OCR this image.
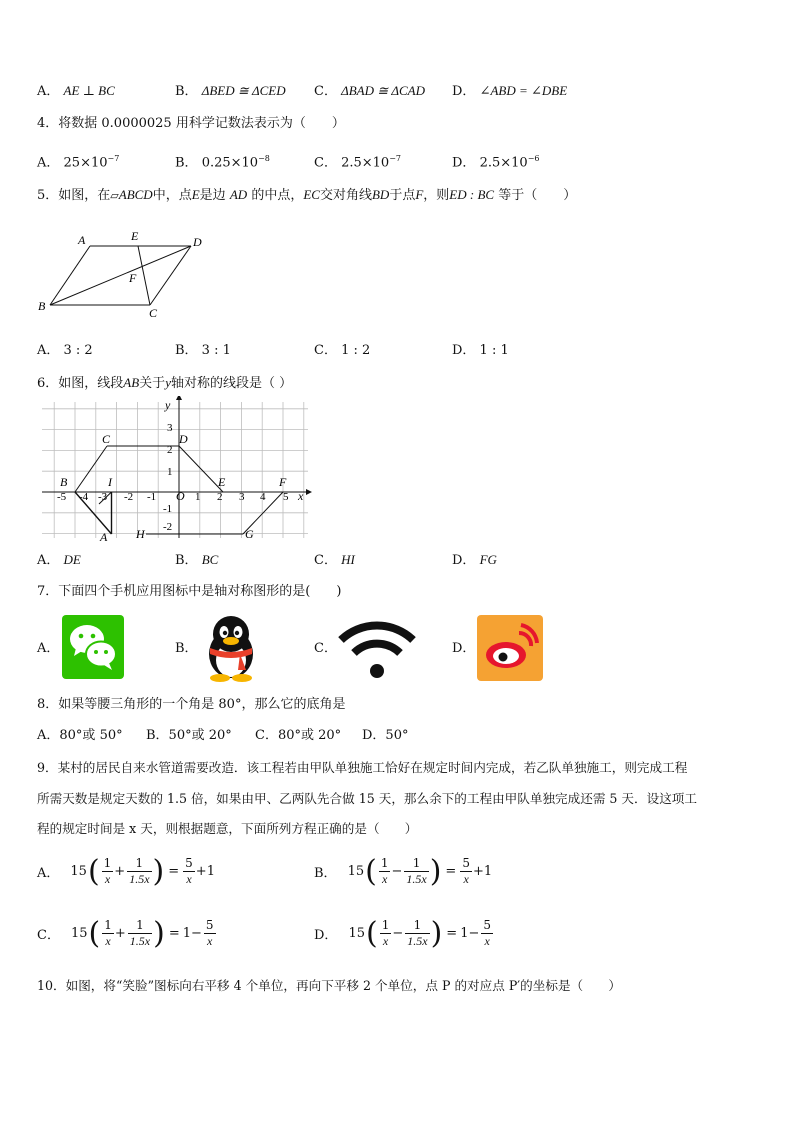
A． AE ⊥ BC	B． ΔBED ≅ ΔCED C． ΔBAD ≅ ΔCAD D． ∠ABD = ∠DBE
4．将数据 0.0000025 用科学记数法表示为（　　）
A． $25\times 10^{-7}$	B． $0.25\times 10^{-8}$	C． $2.5\times 10^{-7}$	D． $2.5\times 10^{-6}$
5．如图，在▱ABCD中，点E是边 AD 的中点，EC交对角线BD于点F，则ED : BC 等于（　　）
A	E	D
F
B	C
A． 3 : 2	B． 3 : 1	C． 1 : 2	D． 1 : 1
6．如图，线段AB关于y轴对称的线段是（ ）
y
x
O
-5 -4 -3 -2 -1	1 2 3 4 5
3
2
1
-1
-2
B	I
C	D
E	F
A H	G
A． DE	B． BC	C． HI	D． FG
7．下面四个手机应用图标中是轴对称图形的是(　　)
A．	B．	C．	D．
8．如果等腰三角形的一个角是 80°，那么它的底角是
A．80°或 50° B．50°或 20° C．80°或 20° D．50°
9．某村的居民自来水管道需要改造．该工程若由甲队单独施工恰好在规定时间内完成，若乙队单独施工，则完成工程
所需天数是规定天数的 1.5 倍，如果由甲、乙两队先合做 15 天，那么余下的工程由甲队单独完成还需 5 天．设这项工
程的规定时间是 x 天，则根据题意，下面所列方程正确的是（　　）
A． 15 ( $\frac{1}{x} + \frac{1}{1.5x}$ ) = $\frac{5}{x} +1$	B． 15 ( $\frac{1}{x} - \frac{1}{1.5x}$ ) = $\frac{5}{x} +1$
C． 15 ( $\frac{1}{x} + \frac{1}{1.5x}$ ) = $1- \frac{5}{x}$	D． 15 ( $\frac{1}{x} - \frac{1}{1.5x}$ ) = $1- \frac{5}{x}$
10．如图，将“笑脸”图标向右平移 4 个单位，再向下平移 2 个单位，点 P 的对应点 P′的坐标是（　　）
